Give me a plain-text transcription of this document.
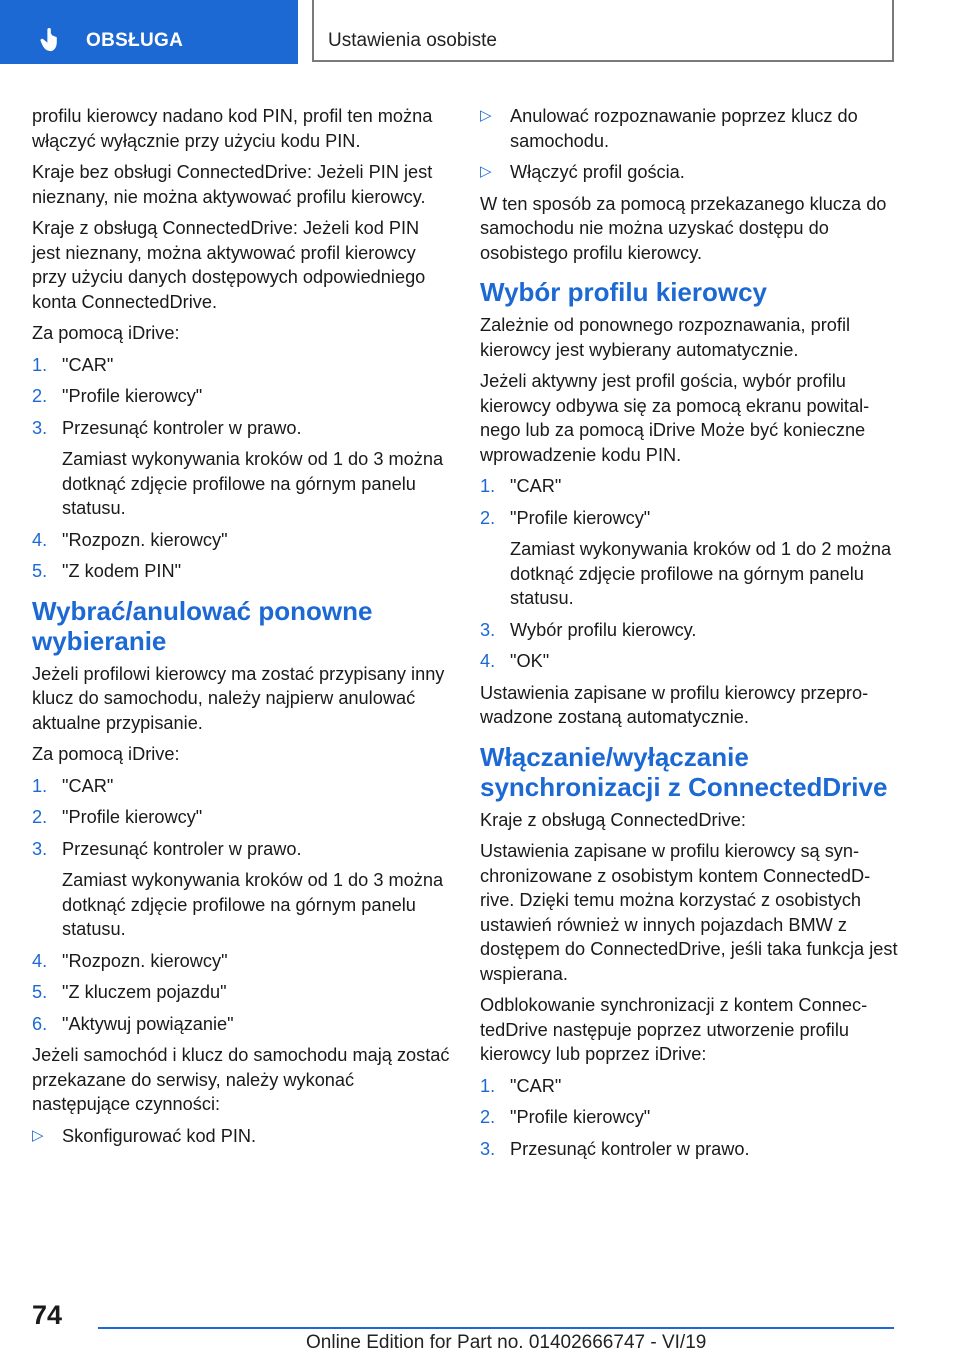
OBSŁUGA	Ustawienia osobiste

profilu kierowcy nadano kod PIN, profil ten można włączyć wyłącznie przy użyciu kodu PIN.

Kraje bez obsługi ConnectedDrive: Jeżeli PIN jest nieznany, nie można aktywować profilu kierowcy.

Kraje z obsługą ConnectedDrive: Jeżeli kod PIN jest nieznany, można aktywować profil kierowcy przy użyciu danych dostępowych odpowiedniego konta ConnectedDrive.

Za pomocą iDrive:

1. "CAR"
2. "Profile kierowcy"
3. Przesunąć kontroler w prawo.
Zamiast wykonywania kroków od 1 do 3 można dotknąć zdjęcie profilowe na górnym panelu statusu.
4. "Rozpozn. kierowcy"
5. "Z kodem PIN"
Wybrać/anulować ponowne wybieranie

Jeżeli profilowi kierowcy ma zostać przypisany inny klucz do samochodu, należy najpierw anulować aktualne przypisanie.

Za pomocą iDrive:

1. "CAR"
2. "Profile kierowcy"
3. Przesunąć kontroler w prawo.
Zamiast wykonywania kroków od 1 do 3 można dotknąć zdjęcie profilowe na górnym panelu statusu.
4. "Rozpozn. kierowcy"
5. "Z kluczem pojazdu"
6. "Aktywuj powiązanie"

Jeżeli samochód i klucz do samochodu mają zostać przekazane do serwisy, należy wykonać następujące czynności:

▷ Skonfigurować kod PIN.
▷ Anulować rozpoznawanie poprzez klucz do samochodu.
▷ Włączyć profil gościa.

W ten sposób za pomocą przekazanego klucza do samochodu nie można uzyskać dostępu do osobistego profilu kierowcy.

Wybór profilu kierowcy

Zależnie od ponownego rozpoznawania, profil kierowcy jest wybierany automatycznie.

Jeżeli aktywny jest profil gościa, wybór profilu kierowcy odbywa się za pomocą ekranu powitalnego lub za pomocą iDrive Może być konieczne wprowadzenie kodu PIN.

1. "CAR"
2. "Profile kierowcy"
Zamiast wykonywania kroków od 1 do 2 można dotknąć zdjęcie profilowe na górnym panelu statusu.
3. Wybór profilu kierowcy.
4. "OK"

Ustawienia zapisane w profilu kierowcy przeprowadzone zostaną automatycznie.

Włączanie/wyłączanie synchronizacji z ConnectedDrive

Kraje z obsługą ConnectedDrive:

Ustawienia zapisane w profilu kierowcy są synchronizowane z osobistym kontem ConnectedDrive. Dzięki temu można korzystać z osobistych ustawień również w innych pojazdach BMW z dostępem do ConnectedDrive, jeśli taka funkcja jest wspierana.

Odblokowanie synchronizacji z kontem ConnectedDrive następuje poprzez utworzenie profilu kierowcy lub poprzez iDrive:

1. "CAR"
2. "Profile kierowcy"
3. Przesunąć kontroler w prawo.
74
Online Edition for Part no. 01402666747 - VI/19
